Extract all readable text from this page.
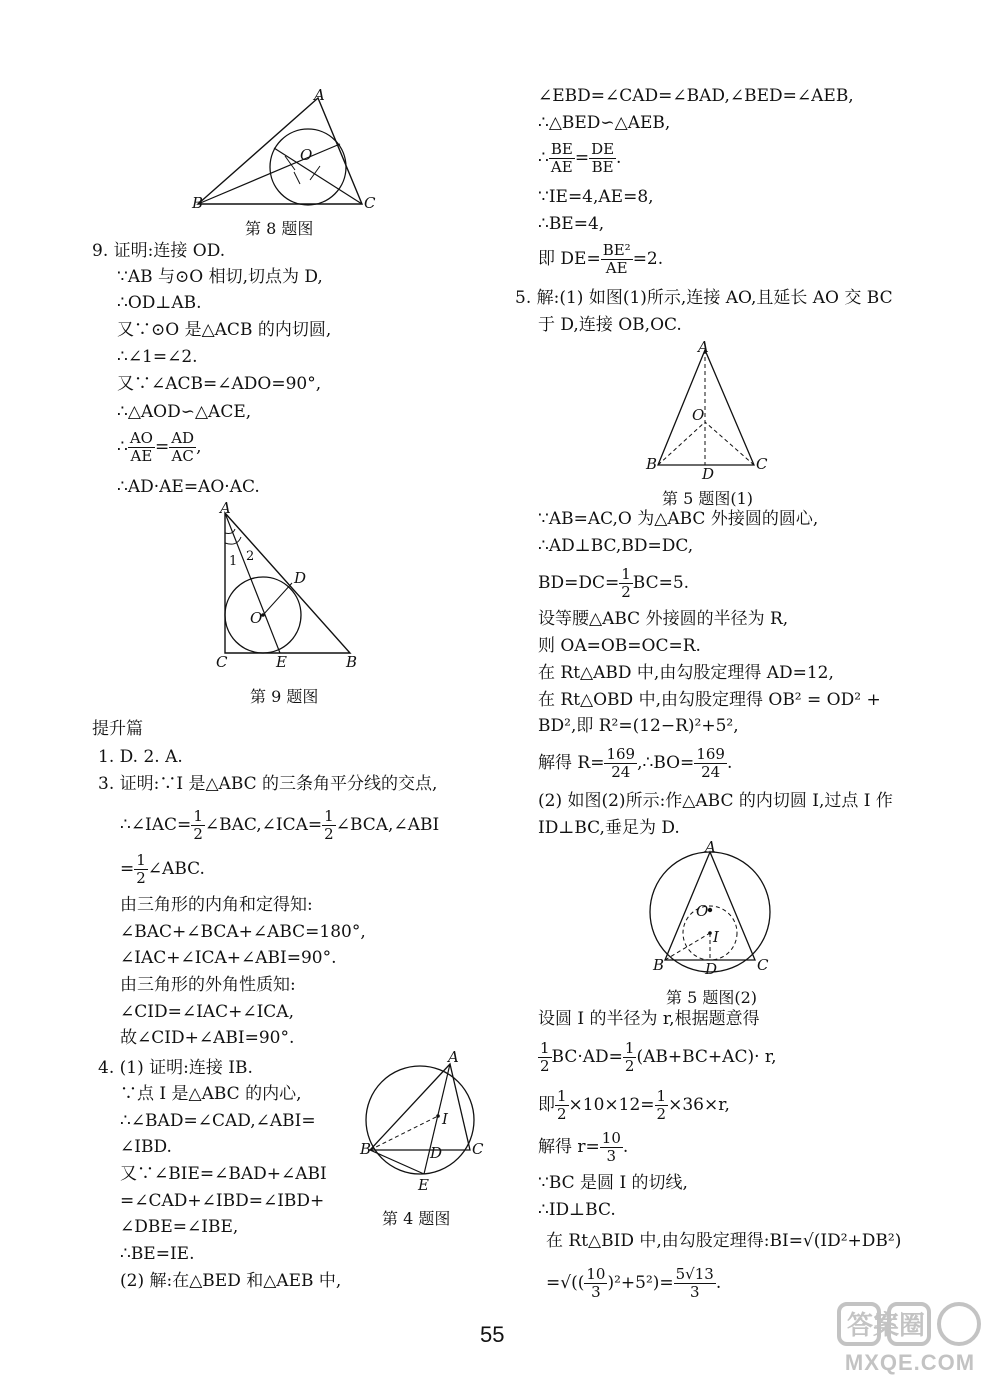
A
B	C
O
第 8 题图
9. 证明:连接 OD.
∵AB 与⊙O 相切,切点为 D,
∴OD⊥AB.
又∵⊙O 是△ACB 的内切圆,
∴∠1=∠2.
又∵∠ACB=∠ADO=90°,
∴△AOD∽△ACE,
∴ $\frac{AO}{AE} = \frac{AD}{AC}$ ,
∴AD·AE=AO·AC.
A
B
C
D
E
O
1 2
第 9 题图
提升篇
1. D. 2. A.
3. 证明:∵I 是△ABC 的三条角平分线的交点,
∴∠IAC= $\frac{1}{2}$ ∠BAC,∠ICA= $\frac{1}{2}$ ∠BCA,∠ABI
= $\frac{1}{2}$ ∠ABC.
由三角形的内角和定得知:
∠BAC+∠BCA+∠ABC=180°,
∠IAC+∠ICA+∠ABI=90°.
由三角形的外角性质知:
∠CID=∠IAC+∠ICA,
故∠CID+∠ABI=90°.
4. (1) 证明:连接 IB.
∵点 I 是△ABC 的内心,
∴∠BAD=∠CAD,∠ABI=
∠IBD.
又∵∠BIE=∠BAD+∠ABI
=∠CAD+∠IBD=∠IBD+
∠DBE=∠IBE,
∴BE=IE.
(2) 解:在△BED 和△AEB 中,
A
B	C
D
E
I
第 4 题图
∠EBD=∠CAD=∠BAD,∠BED=∠AEB,
∴△BED∽△AEB,
∴ $\frac{BE}{AE} = \frac{DE}{BE}$ .
∵IE=4,AE=8,
∴BE=4,
即 $DE= \frac{\text{BE²}}{AE} =2$.
5. 解:(1) 如图(1)所示,连接 AO,且延长 AO 交 BC
于 D,连接 OB,OC.
A
B	C
D
O
第 5 题图(1)
∵AB=AC,O 为△ABC 外接圆的圆心,
∴AD⊥BC,BD=DC,
$BD=DC= \frac{1}{2} BC=5$.
设等腰△ABC 外接圆的半径为 R,
则 OA=OB=OC=R.
在 Rt△ABD 中,由勾股定理得 AD=12,
在 Rt△OBD 中,由勾股定理得 OB² = OD² +
BD²,即 R²=(12−R)²+5²,
解得 $R= \frac{169}{24}$ ,∴BO= $\frac{169}{24}$ .
(2) 如图(2)所示:作△ABC 的内切圆 I,过点 I 作
ID⊥BC,垂足为 D.
A
B	C
D
O
I
第 5 题图(2)
设圆 I 的半径为 r,根据题意得
$\frac{1}{2} BC\cdot AD= \frac{1}{2} (AB+BC+AC)\cdot r$,
即 $\frac{1}{2} \times 10\times 12= \frac{1}{2} \times 36\times r$,
解得 $r= \frac{10}{3}$ .
∵BC 是圆 I 的切线,
∴ID⊥BC.
在 Rt△BID 中,由勾股定理得:BI=√(ID²+DB²)
=√(( $\frac{10}{3} )^2+5^2)= \frac{5√13}{3}$ .
55	答案圈
MXQE.COM
